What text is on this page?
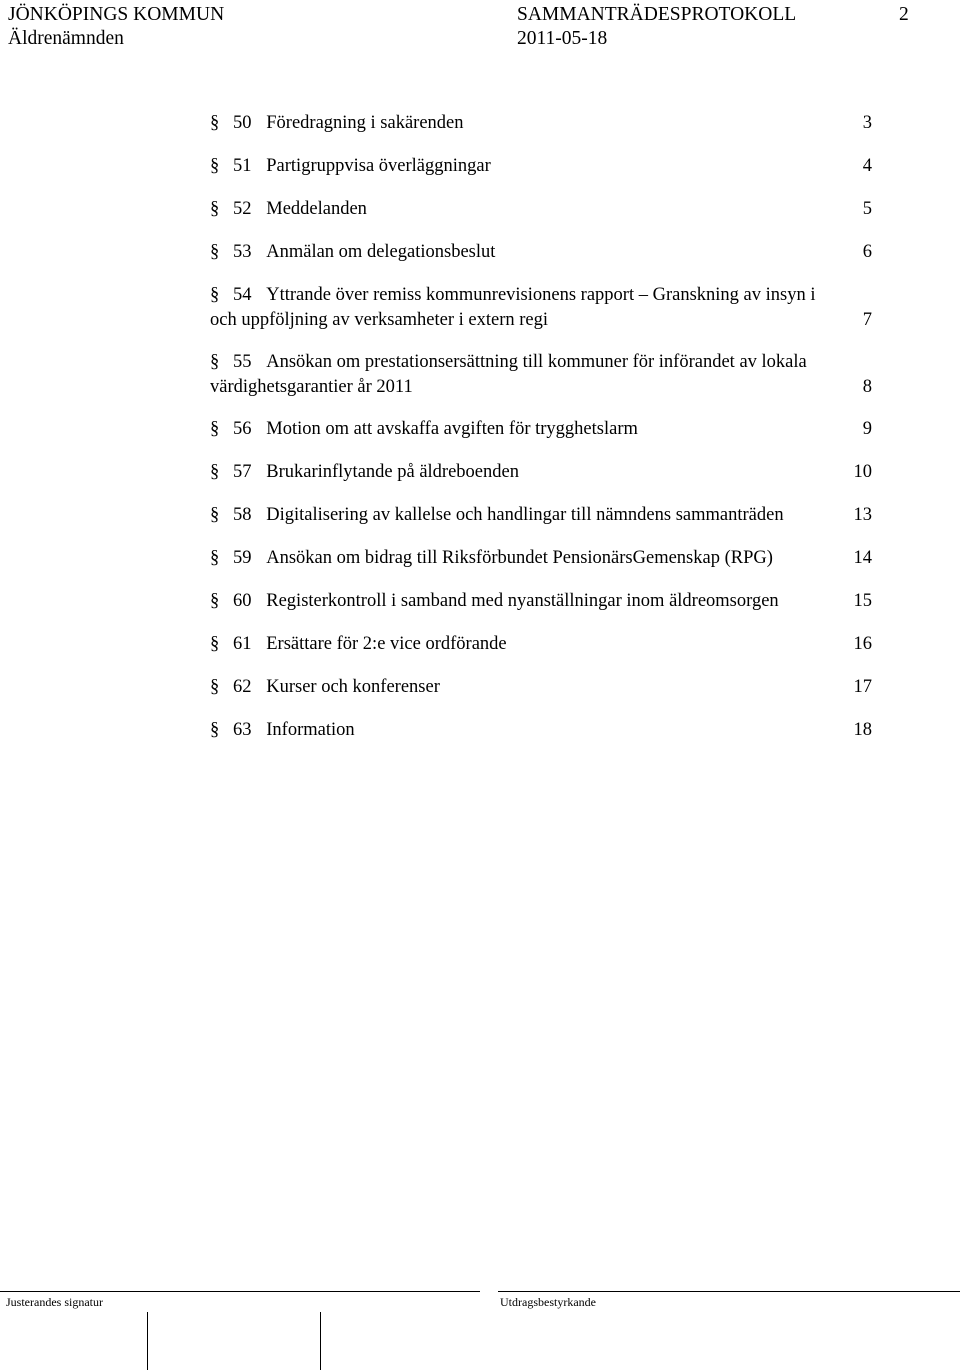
JÖNKÖPINGS KOMMUN
Äldrenämnden
SAMMANTRÄDESPROTOKOLL
2011-05-18
2
§ 50 Föredragning i sakärenden	3
§ 51 Partigruppvisa överläggningar	4
§ 52 Meddelanden	5
§ 53 Anmälan om delegationsbeslut	6
§ 54 Yttrande över remiss kommunrevisionens rapport – Granskning av insyn i
och uppföljning av verksamheter i extern regi	7
§ 55 Ansökan om prestationsersättning till kommuner för införandet av lokala
värdighetsgarantier år 2011	8
§ 56 Motion om att avskaffa avgiften för trygghetslarm	9
§ 57 Brukarinflytande på äldreboenden	10
§ 58 Digitalisering av kallelse och handlingar till nämndens sammanträden	13
§ 59 Ansökan om bidrag till Riksförbundet PensionärsGemenskap (RPG)	14
§ 60 Registerkontroll i samband med nyanställningar inom äldreomsorgen	15
§ 61 Ersättare för 2:e vice ordförande	16
§ 62 Kurser och konferenser	17
§ 63 Information	18
Justerandes signatur	Utdragsbestyrkande
